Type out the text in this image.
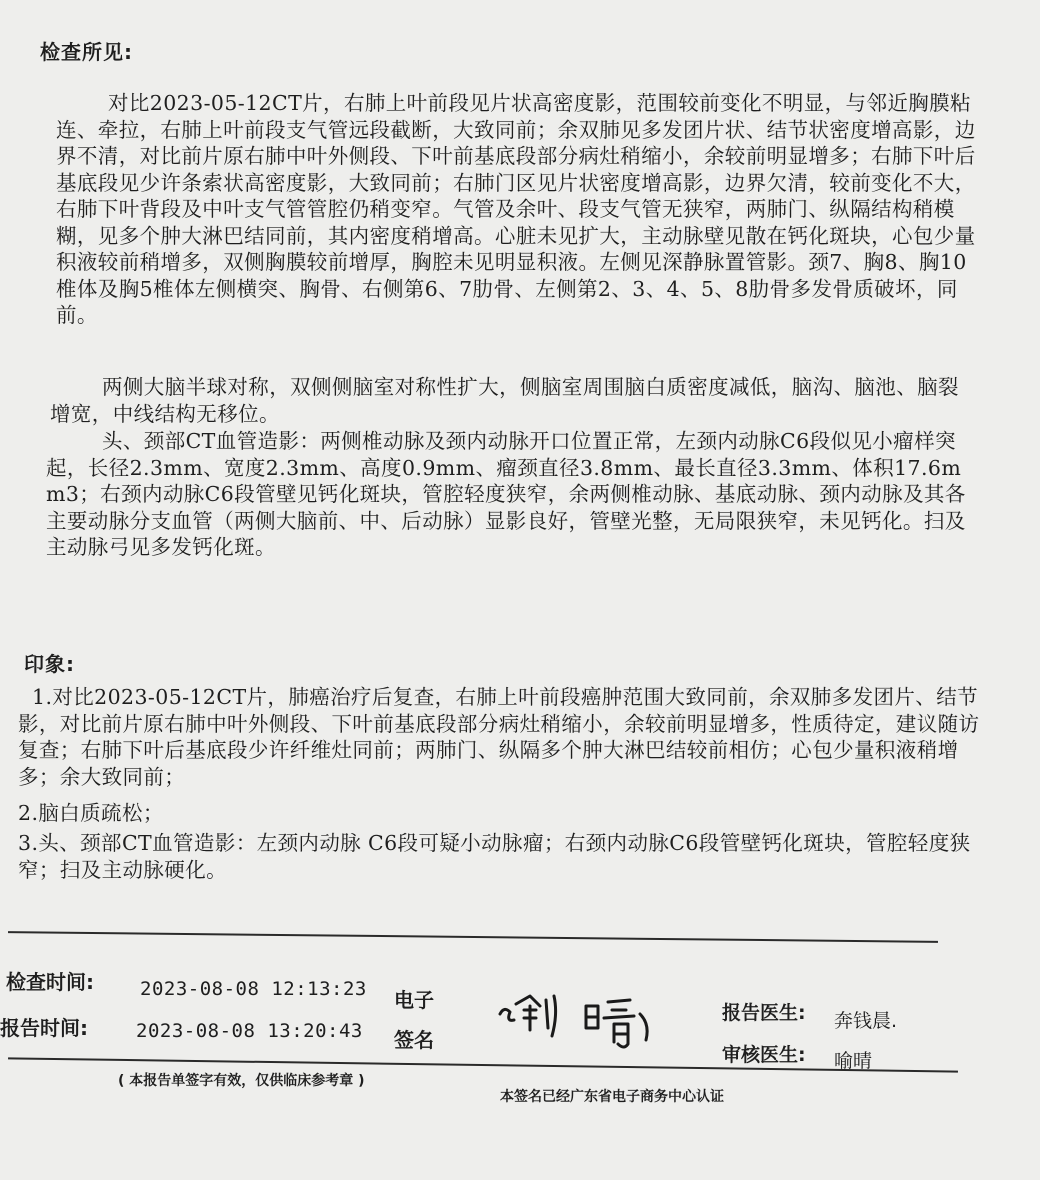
检查所见:

对比2023-05-12CT片，右肺上叶前段见片状高密度影，范围较前变化不明显，与邻近胸膜粘连、牵拉，右肺上叶前段支气管远段截断，大致同前；余双肺见多发团片状、结节状密度增高影，边界不清，对比前片原右肺中叶外侧段、下叶前基底段部分病灶稍缩小，余较前明显增多；右肺下叶后基底段见少许条索状高密度影，大致同前；右肺门区见片状密度增高影，边界欠清，较前变化不大，右肺下叶背段及中叶支气管管腔仍稍变窄。气管及余叶、段支气管无狭窄，两肺门、纵隔结构稍模糊，见多个肿大淋巴结同前，其内密度稍增高。心脏未见扩大，主动脉壁见散在钙化斑块，心包少量积液较前稍增多，双侧胸膜较前增厚，胸腔未见明显积液。左侧见深静脉置管影。颈7、胸8、胸10椎体及胸5椎体左侧横突、胸骨、右侧第6、7肋骨、左侧第2、3、4、5、8肋骨多发骨质破坏，同前。

两侧大脑半球对称，双侧侧脑室对称性扩大，侧脑室周围脑白质密度减低，脑沟、脑池、脑裂增宽，中线结构无移位。

头、颈部CT血管造影：两侧椎动脉及颈内动脉开口位置正常，左颈内动脉C6段似见小瘤样突起，长径2.3mm、宽度2.3mm、高度0.9mm、瘤颈直径3.8mm、最长直径3.3mm、体积17.6mm3；右颈内动脉C6段管壁见钙化斑块，管腔轻度狭窄，余两侧椎动脉、基底动脉、颈内动脉及其各主要动脉分支血管（两侧大脑前、中、后动脉）显影良好，管壁光整，无局限狭窄，未见钙化。扫及主动脉弓见多发钙化斑。

印象:

1.对比2023-05-12CT片，肺癌治疗后复查，右肺上叶前段癌肿范围大致同前，余双肺多发团片、结节影，对比前片原右肺中叶外侧段、下叶前基底段部分病灶稍缩小，余较前明显增多，性质待定，建议随访复查；右肺下叶后基底段少许纤维灶同前；两肺门、纵隔多个肿大淋巴结较前相仿；心包少量积液稍增多；余大致同前；

2.脑白质疏松；

3.头、颈部CT血管造影：左颈内动脉 C6段可疑小动脉瘤；右颈内动脉C6段管壁钙化斑块，管腔轻度狭窄；扫及主动脉硬化。

检查时间: 2023-08-08 12:13:23 电子
报告时间:	2023-08-08 13:20:43 签名
报告医生: 奔钱晨.
审核医生: 喻晴
( 本报告单签字有效，仅供临床参考章 )
本签名已经广东省电子商务中心认证
